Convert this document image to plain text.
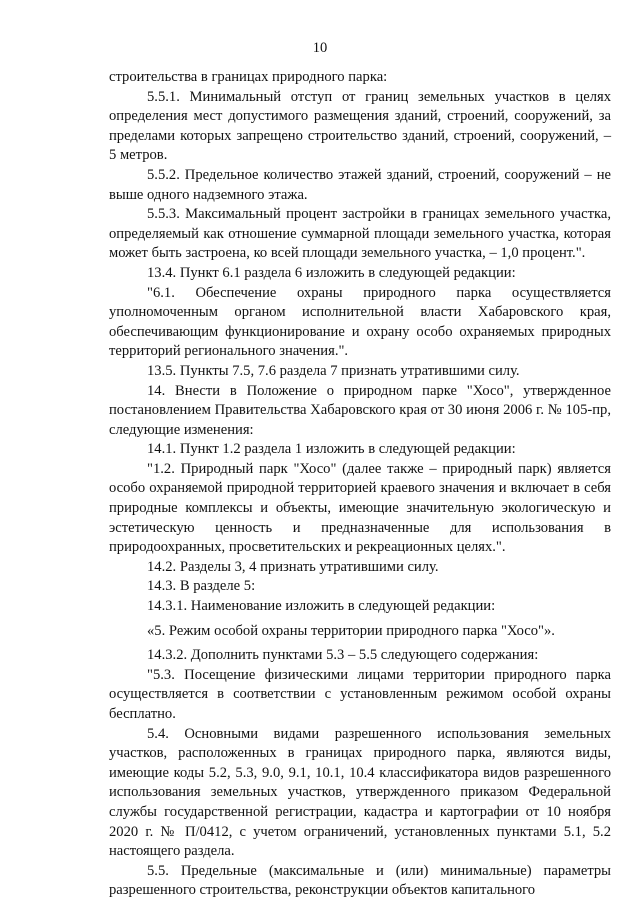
10

строительства в границах природного парка:

5.5.1. Минимальный отступ от границ земельных участков в целях определения мест допустимого размещения зданий, строений, сооружений, за пределами которых запрещено строительство зданий, строений, сооружений, – 5 метров.

5.5.2. Предельное количество этажей зданий, строений, сооружений – не выше одного надземного этажа.

5.5.3. Максимальный процент застройки в границах земельного участка, определяемый как отношение суммарной площади земельного участка, которая может быть застроена, ко всей площади земельного участка, – 1,0 процент.".

13.4. Пункт 6.1 раздела 6 изложить в следующей редакции:

"6.1. Обеспечение охраны природного парка осуществляется уполномоченным органом исполнительной власти Хабаровского края, обеспечивающим функционирование и охрану особо охраняемых природных территорий регионального значения.".

13.5. Пункты 7.5, 7.6 раздела 7 признать утратившими силу.

14. Внести в Положение о природном парке "Хосо", утвержденное постановлением Правительства Хабаровского края от 30 июня 2006 г. № 105-пр, следующие изменения:

14.1. Пункт 1.2 раздела 1 изложить в следующей редакции:

"1.2. Природный парк "Хосо" (далее также – природный парк) является особо охраняемой природной территорией краевого значения и включает в себя природные комплексы и объекты, имеющие значительную экологическую и эстетическую ценность и предназначенные для использования в природоохранных, просветительских и рекреационных целях.".

14.2. Разделы 3, 4 признать утратившими силу.

14.3. В разделе 5:

14.3.1. Наименование изложить в следующей редакции:

«5. Режим особой охраны территории природного парка "Хосо"».

14.3.2. Дополнить пунктами 5.3 – 5.5 следующего содержания:

"5.3. Посещение физическими лицами территории природного парка осуществляется в соответствии с установленным режимом особой охраны бесплатно.

5.4. Основными видами разрешенного использования земельных участков, расположенных в границах природного парка, являются виды, имеющие коды 5.2, 5.3, 9.0, 9.1, 10.1, 10.4 классификатора видов разрешенного использования земельных участков, утвержденного приказом Федеральной службы государственной регистрации, кадастра и картографии от 10 ноября 2020 г. № П/0412, с учетом ограничений, установленных пунктами 5.1, 5.2 настоящего раздела.

5.5. Предельные (максимальные и (или) минимальные) параметры разрешенного строительства, реконструкции объектов капитального
